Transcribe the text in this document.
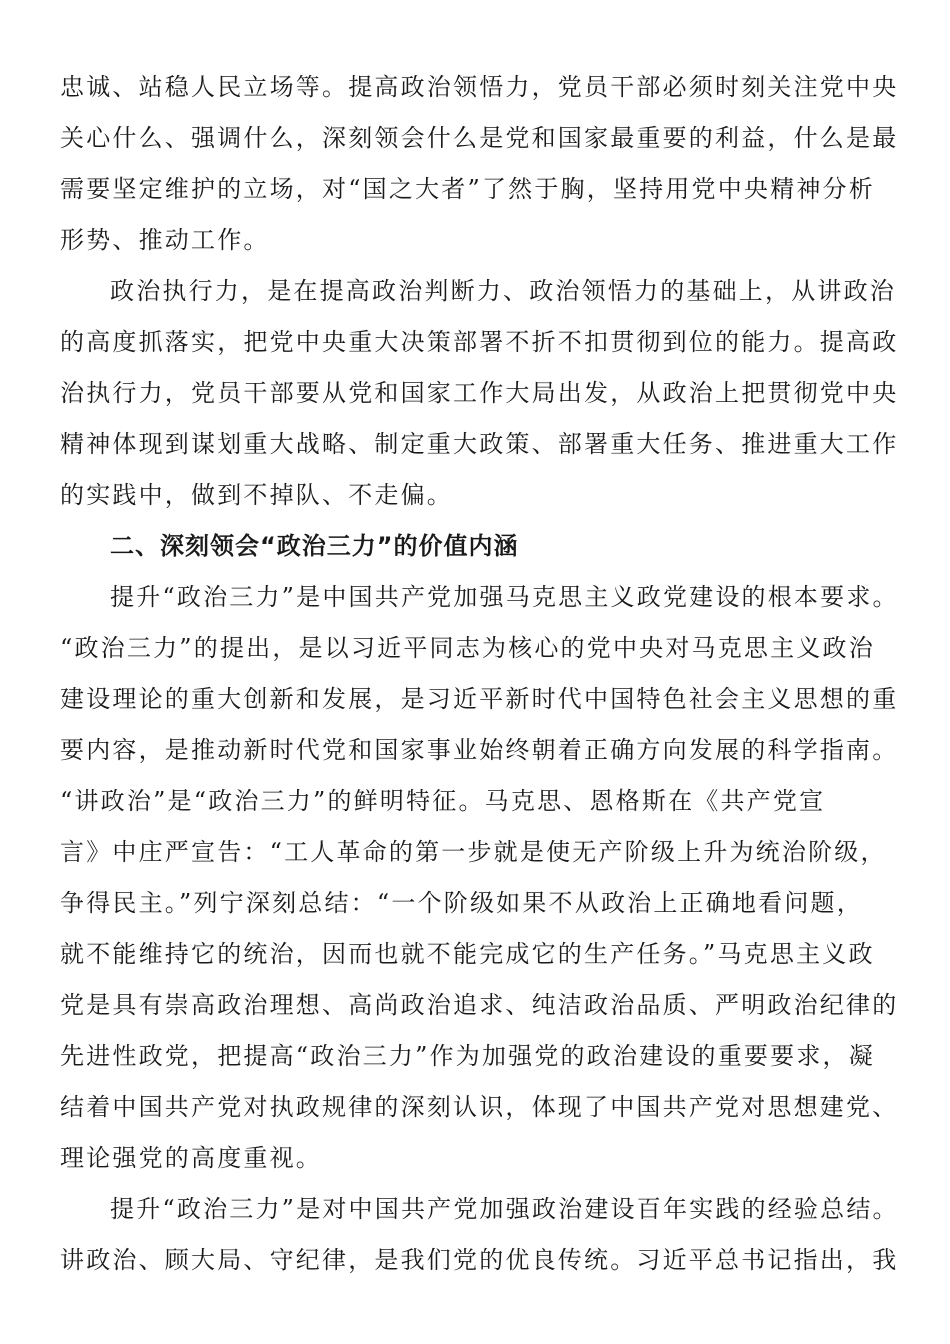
忠诚、站稳人民立场等。提高政治领悟力，党员干部必须时刻关注党中央
关心什么、强调什么，深刻领会什么是党和国家最重要的利益，什么是最
需要坚定维护的立场，对“国之大者”了然于胸，坚持用党中央精神分析
形势、推动工作。
政治执行力，是在提高政治判断力、政治领悟力的基础上，从讲政治
的高度抓落实，把党中央重大决策部署不折不扣贯彻到位的能力。提高政
治执行力，党员干部要从党和国家工作大局出发，从政治上把贯彻党中央
精神体现到谋划重大战略、制定重大政策、部署重大任务、推进重大工作
的实践中，做到不掉队、不走偏。
二、深刻领会“政治三力”的价值内涵
提升“政治三力”是中国共产党加强马克思主义政党建设的根本要求。
“政治三力”的提出，是以习近平同志为核心的党中央对马克思主义政治
建设理论的重大创新和发展，是习近平新时代中国特色社会主义思想的重
要内容，是推动新时代党和国家事业始终朝着正确方向发展的科学指南。
“讲政治”是“政治三力”的鲜明特征。马克思、恩格斯在《共产党宣
言》中庄严宣告：“工人革命的第一步就是使无产阶级上升为统治阶级，
争得民主。”列宁深刻总结：“一个阶级如果不从政治上正确地看问题，
就不能维持它的统治，因而也就不能完成它的生产任务。”马克思主义政
党是具有崇高政治理想、高尚政治追求、纯洁政治品质、严明政治纪律的
先进性政党，把提高“政治三力”作为加强党的政治建设的重要要求，凝
结着中国共产党对执政规律的深刻认识，体现了中国共产党对思想建党、
理论强党的高度重视。
提升“政治三力”是对中国共产党加强政治建设百年实践的经验总结。
讲政治、顾大局、守纪律，是我们党的优良传统。习近平总书记指出，我
